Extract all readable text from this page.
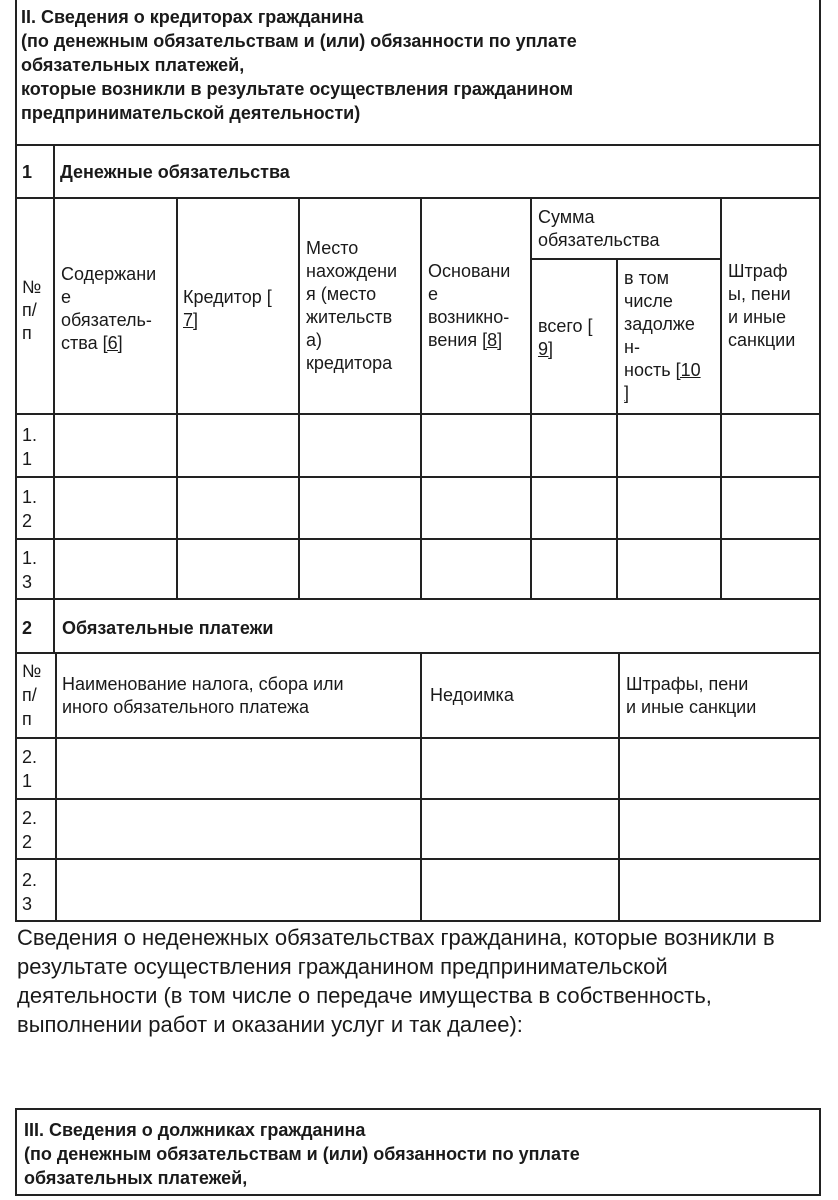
II. Сведения о кредиторах гражданина

(по денежным обязательствам и (или) обязанности по уплате

обязательных платежей,

которые возникли в результате осуществления гражданином

предпринимательской деятельности)

1 Денежные обязательства

№

п/

п

Содержани

е

обязатель-

ства [6]

Кредитор [

7]

Место

нахождени

я (место

жительств

а)

кредитора

Основани

е

возникно-

вения [8]

Сумма

обязательства

всего [

9]

в том

числе

задолже

н-

ность [10

]

Штраф

ы, пени

и иные

санкции

1.

1

1.

2

1.

3

2 Обязательные платежи

№

п/

п

Наименование налога, сбора или

иного обязательного платежа

Недоимка

Штрафы, пени

и иные санкции

2.

1

2.

2

2.

3

Сведения о неденежных обязательствах гражданина, которые возникли в
результате осуществления гражданином предпринимательской
деятельности (в том числе о передаче имущества в собственность,
выполнении работ и оказании услуг и так далее):

III. Сведения о должниках гражданина

(по денежным обязательствам и (или) обязанности по уплате

обязательных платежей,
